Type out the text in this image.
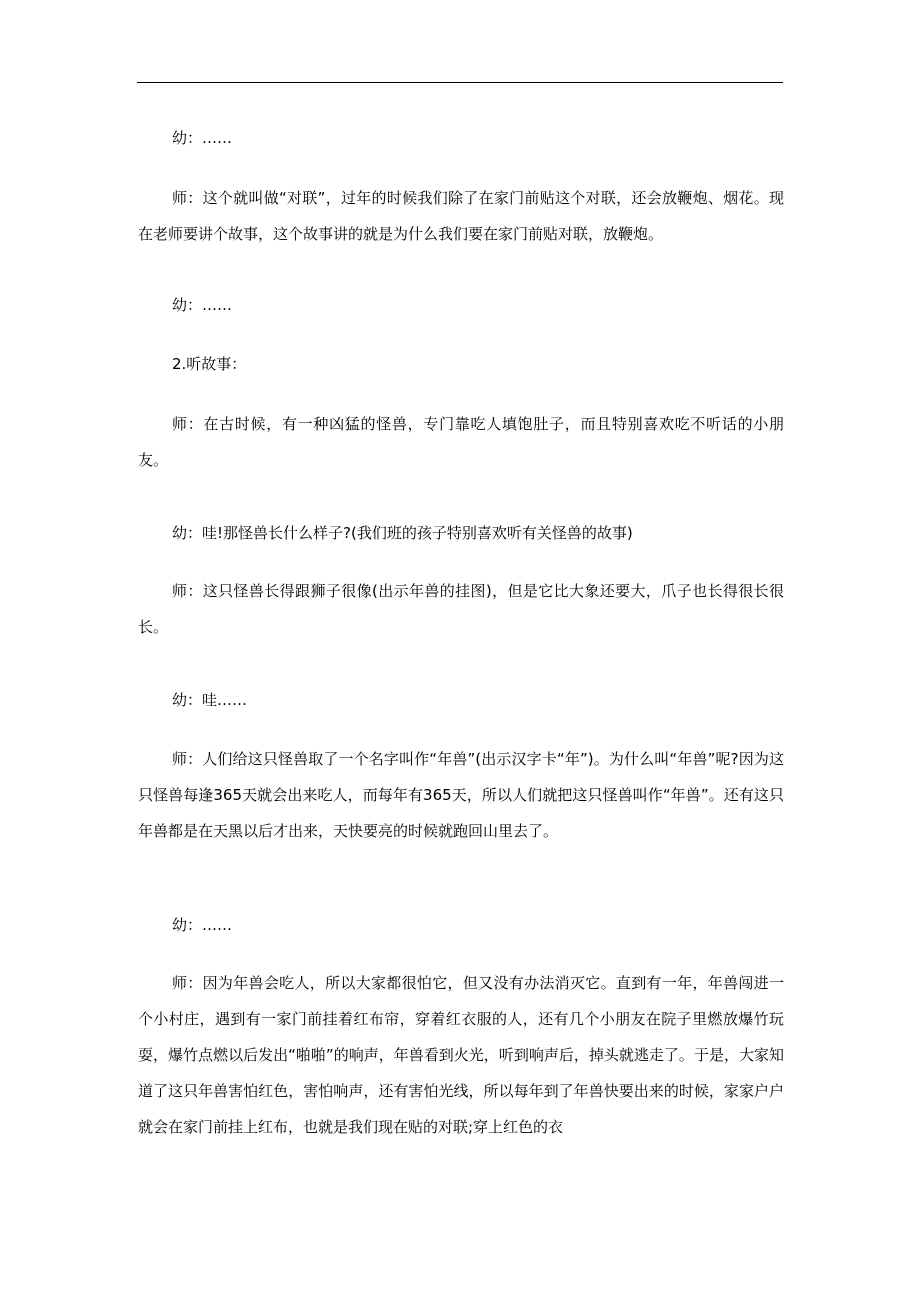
幼：……

师：这个就叫做“对联”，过年的时候我们除了在家门前贴这个对联，还会放鞭炮、烟花。现在老师要讲个故事，这个故事讲的就是为什么我们要在家门前贴对联，放鞭炮。

幼：……

2.听故事：

师：在古时候，有一种凶猛的怪兽，专门靠吃人填饱肚子，而且特别喜欢吃不听话的小朋友。

幼：哇!那怪兽长什么样子?(我们班的孩子特别喜欢听有关怪兽的故事)

师：这只怪兽长得跟狮子很像(出示年兽的挂图)，但是它比大象还要大，爪子也长得很长很长。

幼：哇……

师：人们给这只怪兽取了一个名字叫作“年兽”(出示汉字卡“年”)。为什么叫“年兽”呢?因为这只怪兽每逢365天就会出来吃人，而每年有365天，所以人们就把这只怪兽叫作“年兽”。还有这只年兽都是在天黑以后才出来，天快要亮的时候就跑回山里去了。

幼：……

师：因为年兽会吃人，所以大家都很怕它，但又没有办法消灭它。直到有一年，年兽闯进一个小村庄，遇到有一家门前挂着红布帘，穿着红衣服的人，还有几个小朋友在院子里燃放爆竹玩耍，爆竹点燃以后发出“啪啪”的响声，年兽看到火光，听到响声后，掉头就逃走了。于是，大家知道了这只年兽害怕红色，害怕响声，还有害怕光线，所以每年到了年兽快要出来的时候，家家户户就会在家门前挂上红布，也就是我们现在贴的对联;穿上红色的衣
